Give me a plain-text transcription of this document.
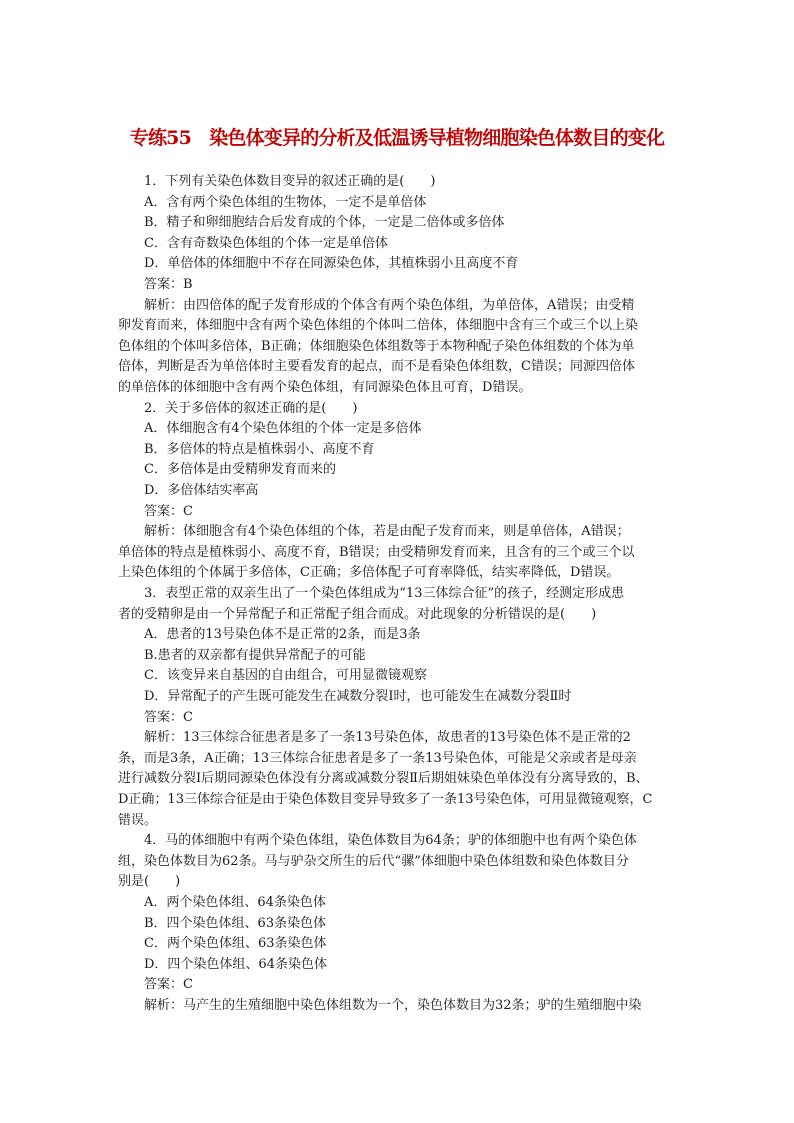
专练55　染色体变异的分析及低温诱导植物细胞染色体数目的变化
1．下列有关染色体数目变异的叙述正确的是(　　)
A．含有两个染色体组的生物体，一定不是单倍体
B．精子和卵细胞结合后发育成的个体，一定是二倍体或多倍体
C．含有奇数染色体组的个体一定是单倍体
D．单倍体的体细胞中不存在同源染色体，其植株弱小且高度不育
答案：B
解析：由四倍体的配子发育形成的个体含有两个染色体组，为单倍体，A错误；由受精
卵发育而来，体细胞中含有两个染色体组的个体叫二倍体，体细胞中含有三个或三个以上染
色体组的个体叫多倍体，B正确；体细胞染色体组数等于本物种配子染色体组数的个体为单
倍体，判断是否为单倍体时主要看发育的起点，而不是看染色体组数，C错误；同源四倍体
的单倍体的体细胞中含有两个染色体组，有同源染色体且可育，D错误。
2．关于多倍体的叙述正确的是(　　)
A．体细胞含有4个染色体组的个体一定是多倍体
B．多倍体的特点是植株弱小、高度不育
C．多倍体是由受精卵发育而来的
D．多倍体结实率高
答案：C
解析：体细胞含有4个染色体组的个体，若是由配子发育而来，则是单倍体，A错误；
单倍体的特点是植株弱小、高度不育，B错误；由受精卵发育而来，且含有的三个或三个以
上染色体组的个体属于多倍体，C正确；多倍体配子可育率降低，结实率降低，D错误。
3．表型正常的双亲生出了一个染色体组成为“13三体综合征”的孩子，经测定形成患
者的受精卵是由一个异常配子和正常配子组合而成。对此现象的分析错误的是(　　)
A．患者的13号染色体不是正常的2条，而是3条
B.患者的双亲都有提供异常配子的可能
C．该变异来自基因的自由组合，可用显微镜观察
D．异常配子的产生既可能发生在减数分裂Ⅰ时，也可能发生在减数分裂Ⅱ时
答案：C
解析：13三体综合征患者是多了一条13号染色体，故患者的13号染色体不是正常的2
条，而是3条，A正确；13三体综合征患者是多了一条13号染色体，可能是父亲或者是母亲
进行减数分裂Ⅰ后期同源染色体没有分离或减数分裂Ⅱ后期姐妹染色单体没有分离导致的，B、
D正确；13三体综合征是由于染色体数目变异导致多了一条13号染色体，可用显微镜观察，C
错误。
4．马的体细胞中有两个染色体组，染色体数目为64条；驴的体细胞中也有两个染色体
组，染色体数目为62条。马与驴杂交所生的后代“骡”体细胞中染色体组数和染色体数目分
别是(　　)
A．两个染色体组、64条染色体
B．四个染色体组、63条染色体
C．两个染色体组、63条染色体
D．四个染色体组、64条染色体
答案：C
解析：马产生的生殖细胞中染色体组数为一个，染色体数目为32条；驴的生殖细胞中染
